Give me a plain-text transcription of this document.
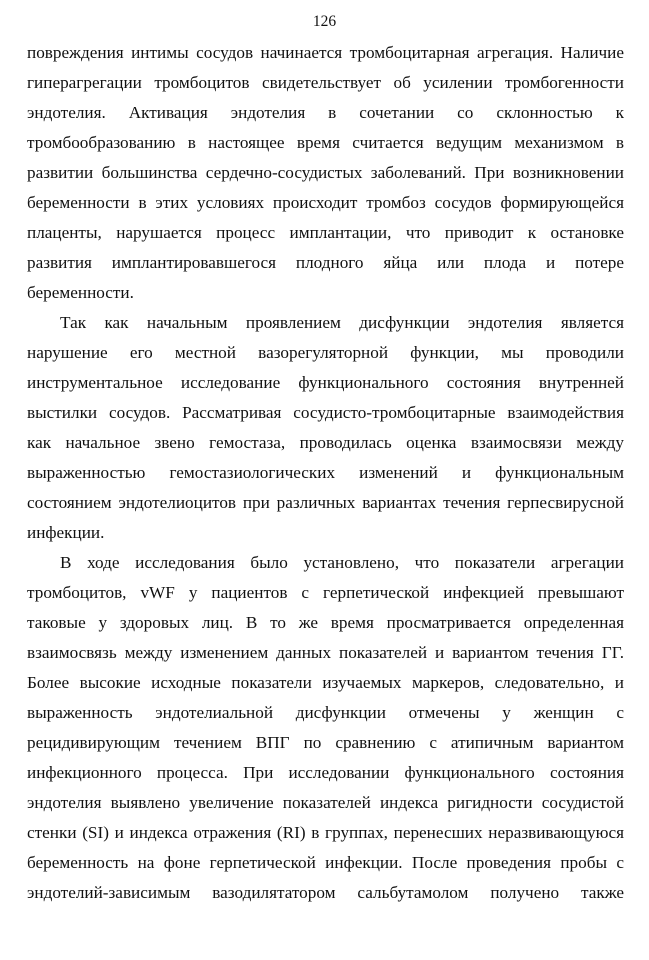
126
повреждения интимы сосудов начинается тромбоцитарная агрегация. Наличие
гиперагрегации тромбоцитов свидетельствует об усилении тромбогенности
эндотелия. Активация эндотелия в сочетании со склонностью к
тромбообразованию в настоящее время считается ведущим механизмом в
развитии большинства сердечно-сосудистых заболеваний. При возникновении
беременности в этих условиях происходит тромбоз сосудов формирующейся
плаценты, нарушается процесс имплантации, что приводит к остановке
развития имплантировавшегося плодного яйца или плода и потере
беременности.
Так как начальным проявлением дисфункции эндотелия является
нарушение его местной вазорегуляторной функции, мы проводили
инструментальное исследование функционального состояния внутренней
выстилки сосудов. Рассматривая сосудисто-тромбоцитарные взаимодействия
как начальное звено гемостаза, проводилась оценка взаимосвязи между
выраженностью гемостазиологических изменений и функциональным
состоянием эндотелиоцитов при различных вариантах течения герпесвирусной
инфекции.
В ходе исследования было установлено, что показатели агрегации
тромбоцитов, vWF у пациентов с герпетической инфекцией превышают
таковые у здоровых лиц. В то же время просматривается определенная
взаимосвязь между изменением данных показателей и вариантом течения ГГ.
Более высокие исходные показатели изучаемых маркеров, следовательно, и
выраженность эндотелиальной дисфункции отмечены у женщин с
рецидивирующим течением ВПГ по сравнению с атипичным вариантом
инфекционного процесса. При исследовании функционального состояния
эндотелия выявлено увеличение показателей индекса ригидности сосудистой
стенки (SI) и индекса отражения (RI) в группах, перенесших неразвивающуюся
беременность на фоне герпетической инфекции. После проведения пробы с
эндотелий-зависимым вазодилятатором сальбутамолом получено также
